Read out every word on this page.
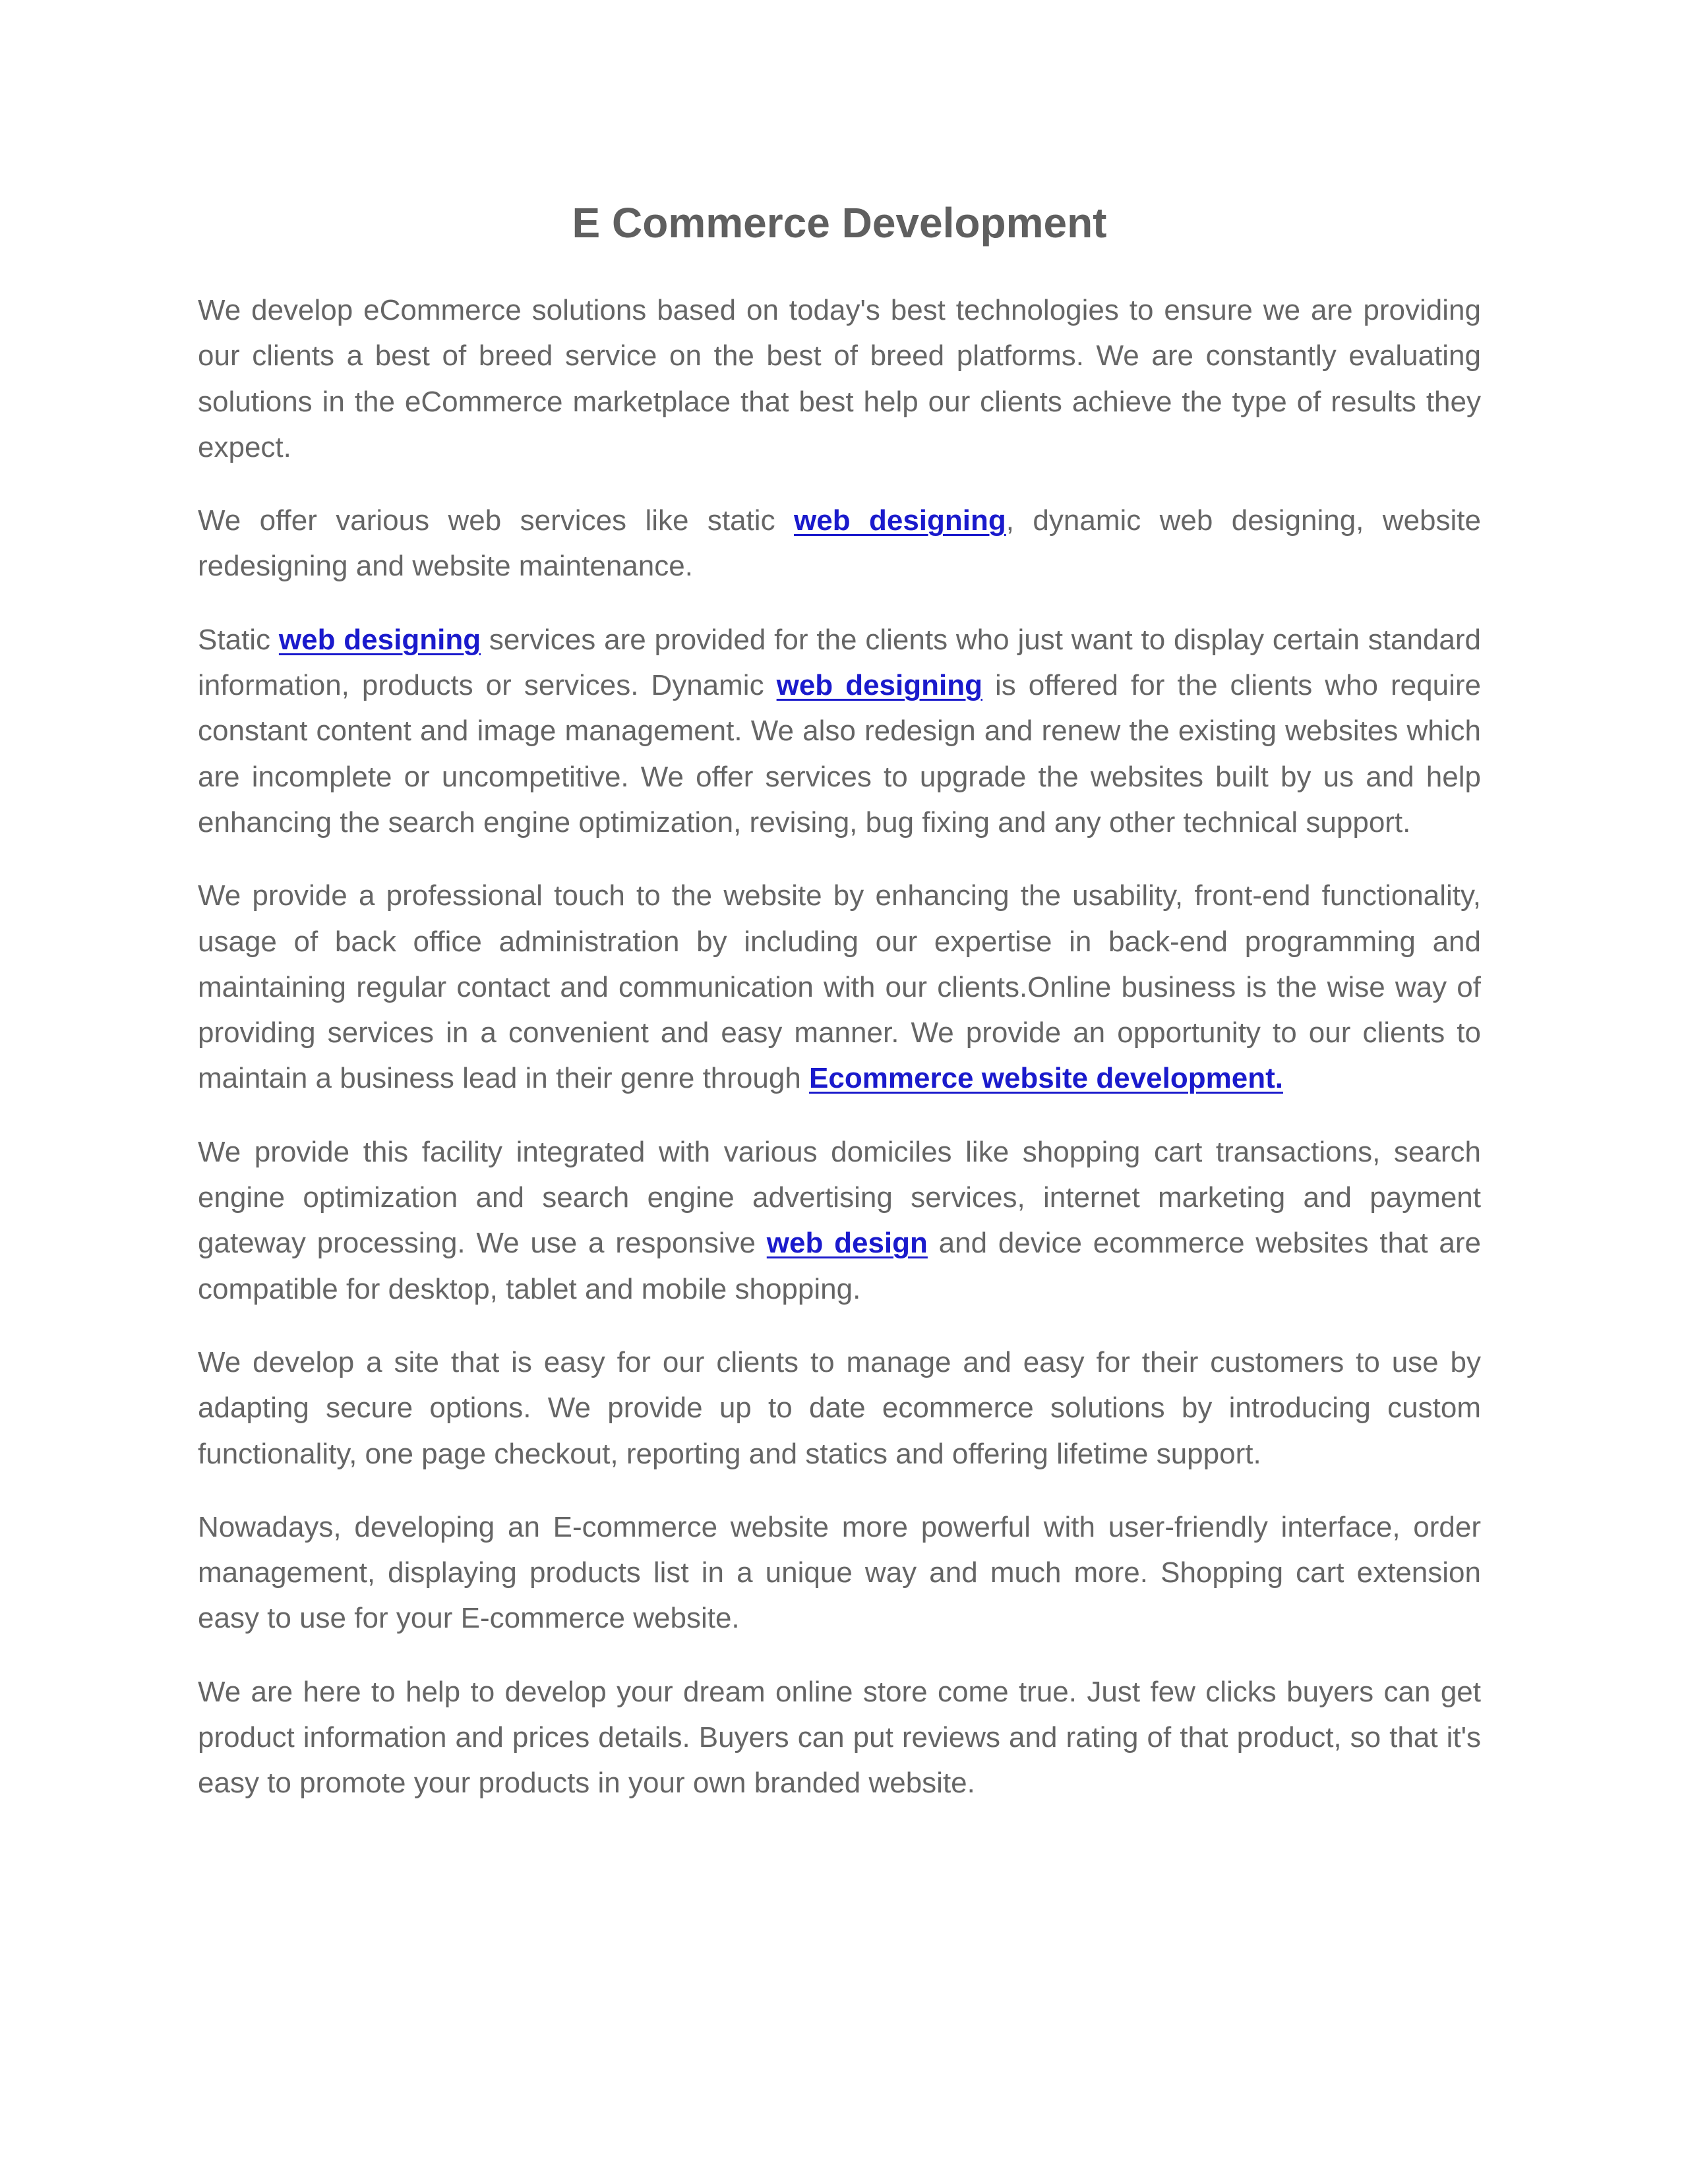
E Commerce Development

We develop eCommerce solutions based on today's best technologies to ensure we are providing our clients a best of breed service on the best of breed platforms. We are constantly evaluating solutions in the eCommerce marketplace that best help our clients achieve the type of results they expect.

We offer various web services like static web designing, dynamic web designing, website redesigning and website maintenance.

Static web designing services are provided for the clients who just want to display certain standard information, products or services. Dynamic web designing is offered for the clients who require constant content and image management. We also redesign and renew the existing websites which are incomplete or uncompetitive. We offer services to upgrade the websites built by us and help enhancing the search engine optimization, revising, bug fixing and any other technical support.

We provide a professional touch to the website by enhancing the usability, front-end functionality, usage of back office administration by including our expertise in back-end programming and maintaining regular contact and communication with our clients.Online business is the wise way of providing services in a convenient and easy manner. We provide an opportunity to our clients to maintain a business lead in their genre through Ecommerce website development.

We provide this facility integrated with various domiciles like shopping cart transactions, search engine optimization and search engine advertising services, internet marketing and payment gateway processing. We use a responsive web design and device ecommerce websites that are compatible for desktop, tablet and mobile shopping.

We develop a site that is easy for our clients to manage and easy for their customers to use by adapting secure options. We provide up to date ecommerce solutions by introducing custom functionality, one page checkout, reporting and statics and offering lifetime support.

Nowadays, developing an E-commerce website more powerful with user-friendly interface, order management, displaying products list in a unique way and much more. Shopping cart extension easy to use for your E-commerce website.

We are here to help to develop your dream online store come true. Just few clicks buyers can get product information and prices details. Buyers can put reviews and rating of that product, so that it's easy to promote your products in your own branded website.
